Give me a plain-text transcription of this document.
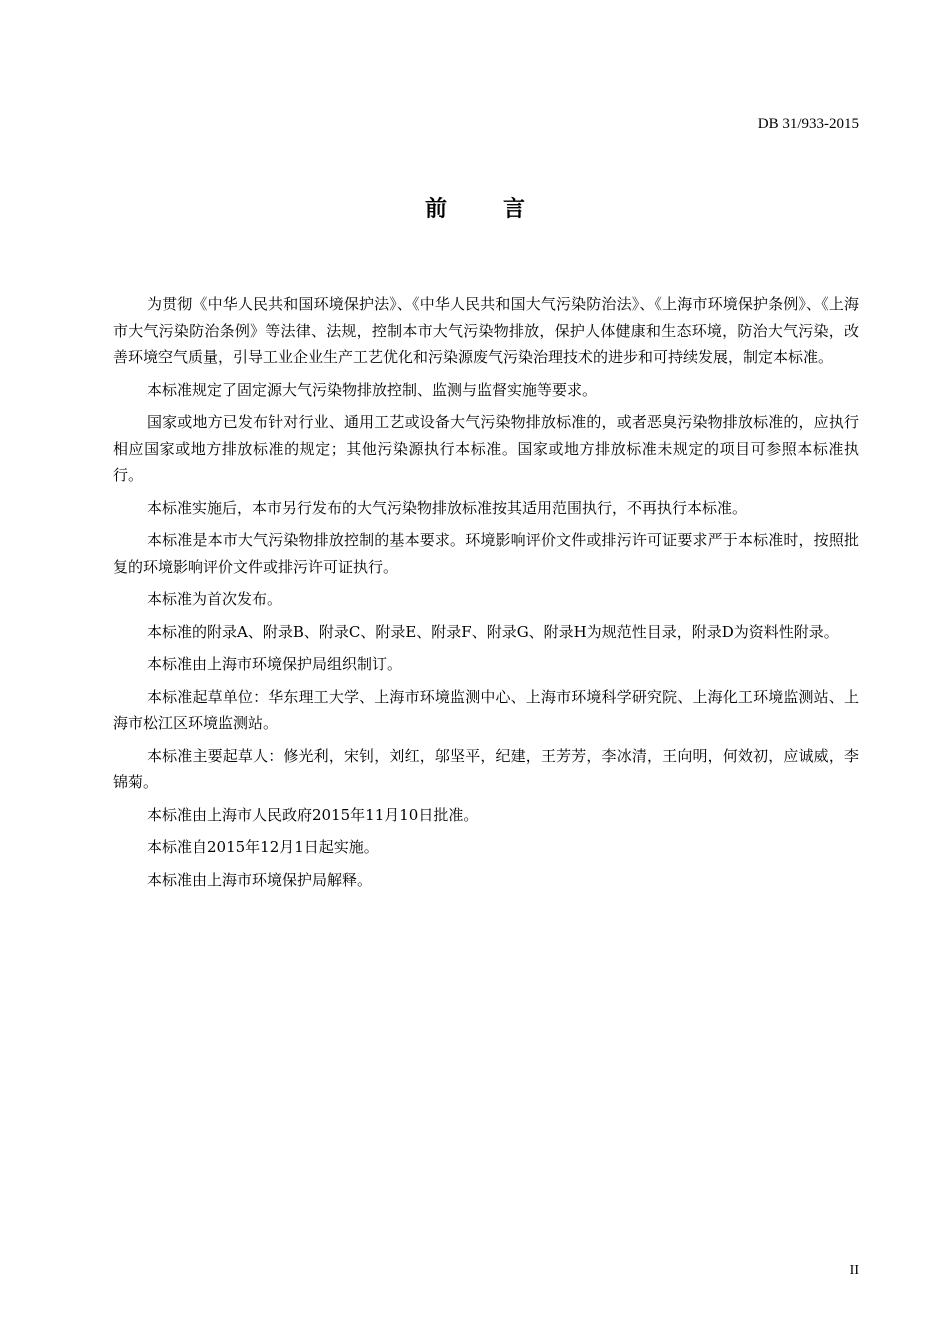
DB 31/933-2015
前言

为贯彻《中华人民共和国环境保护法》、《中华人民共和国大气污染防治法》、《上海市环境保护条例》、《上海市大气污染防治条例》等法律、法规，控制本市大气污染物排放，保护人体健康和生态环境，防治大气污染，改善环境空气质量，引导工业企业生产工艺优化和污染源废气污染治理技术的进步和可持续发展，制定本标准。

本标准规定了固定源大气污染物排放控制、监测与监督实施等要求。

国家或地方已发布针对行业、通用工艺或设备大气污染物排放标准的，或者恶臭污染物排放标准的，应执行相应国家或地方排放标准的规定；其他污染源执行本标准。国家或地方排放标准未规定的项目可参照本标准执行。

本标准实施后，本市另行发布的大气污染物排放标准按其适用范围执行，不再执行本标准。

本标准是本市大气污染物排放控制的基本要求。环境影响评价文件或排污许可证要求严于本标准时，按照批复的环境影响评价文件或排污许可证执行。

本标准为首次发布。

本标准的附录A、附录B、附录C、附录E、附录F、附录G、附录H为规范性目录，附录D为资料性附录。

本标准由上海市环境保护局组织制订。

本标准起草单位：华东理工大学、上海市环境监测中心、上海市环境科学研究院、上海化工环境监测站、上海市松江区环境监测站。

本标准主要起草人：修光利，宋钊，刘红，邬坚平，纪建，王芳芳，李冰清，王向明，何效初，应诚威，李锦菊。

本标准由上海市人民政府2015年11月10日批准。

本标准自2015年12月1日起实施。

本标准由上海市环境保护局解释。

II
